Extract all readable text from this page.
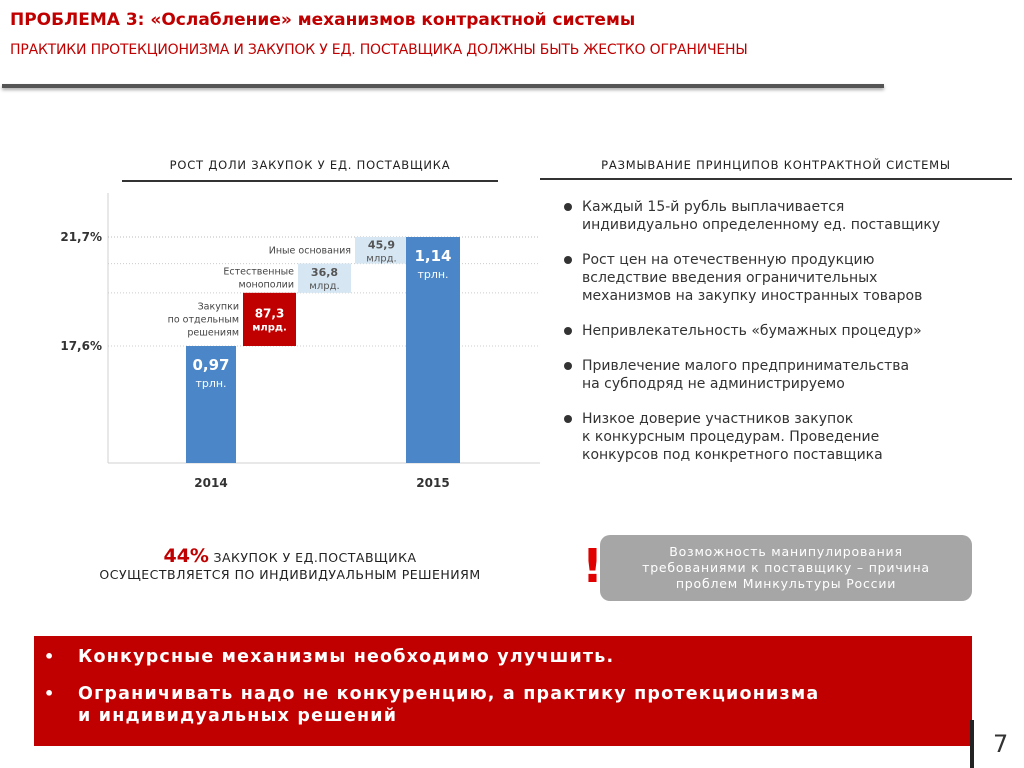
ПРОБЛЕМА 3: «Ослабление» механизмов контрактной системы
ПРАКТИКИ ПРОТЕКЦИОНИЗМА И ЗАКУПОК У ЕД. ПОСТАВЩИКА ДОЛЖНЫ БЫТЬ ЖЕСТКО ОГРАНИЧЕНЫ
РОСТ ДОЛИ ЗАКУПОК У ЕД. ПОСТАВЩИКА
21,7%
17,6%
0,97
трлн.
87,3
млрд.
36,8
млрд.
45,9
млрд. 1,14
трлн.
Закупки
по отдельным
решениям
Естественные
монополии
Иные основания
2014	2015
РАЗМЫВАНИЕ ПРИНЦИПОВ КОНТРАКТНОЙ СИСТЕМЫ
Каждый 15-й рубль выплачивается
индивидуально определенному ед. поставщику
Рост цен на отечественную продукцию
вследствие введения ограничительных
механизмов на закупку иностранных товаров
Непривлекательность «бумажных процедур»
Привлечение малого предпринимательства
на субподряд не администрируемо
Низкое доверие участников закупок
к конкурсным процедурам. Проведение
конкурсов под конкретного поставщика
44% ЗАКУПОК У ЕД.ПОСТАВЩИКА
ОСУЩЕСТВЛЯЕТСЯ ПО ИНДИВИДУАЛЬНЫМ РЕШЕНИЯМ
Возможность манипулирования
требованиями к поставщику – причина
проблем Минкультуры России
!
• Конкурсные механизмы необходимо улучшить.
• Ограничивать надо не конкуренцию, а практику протекционизма
и индивидуальных решений
7
